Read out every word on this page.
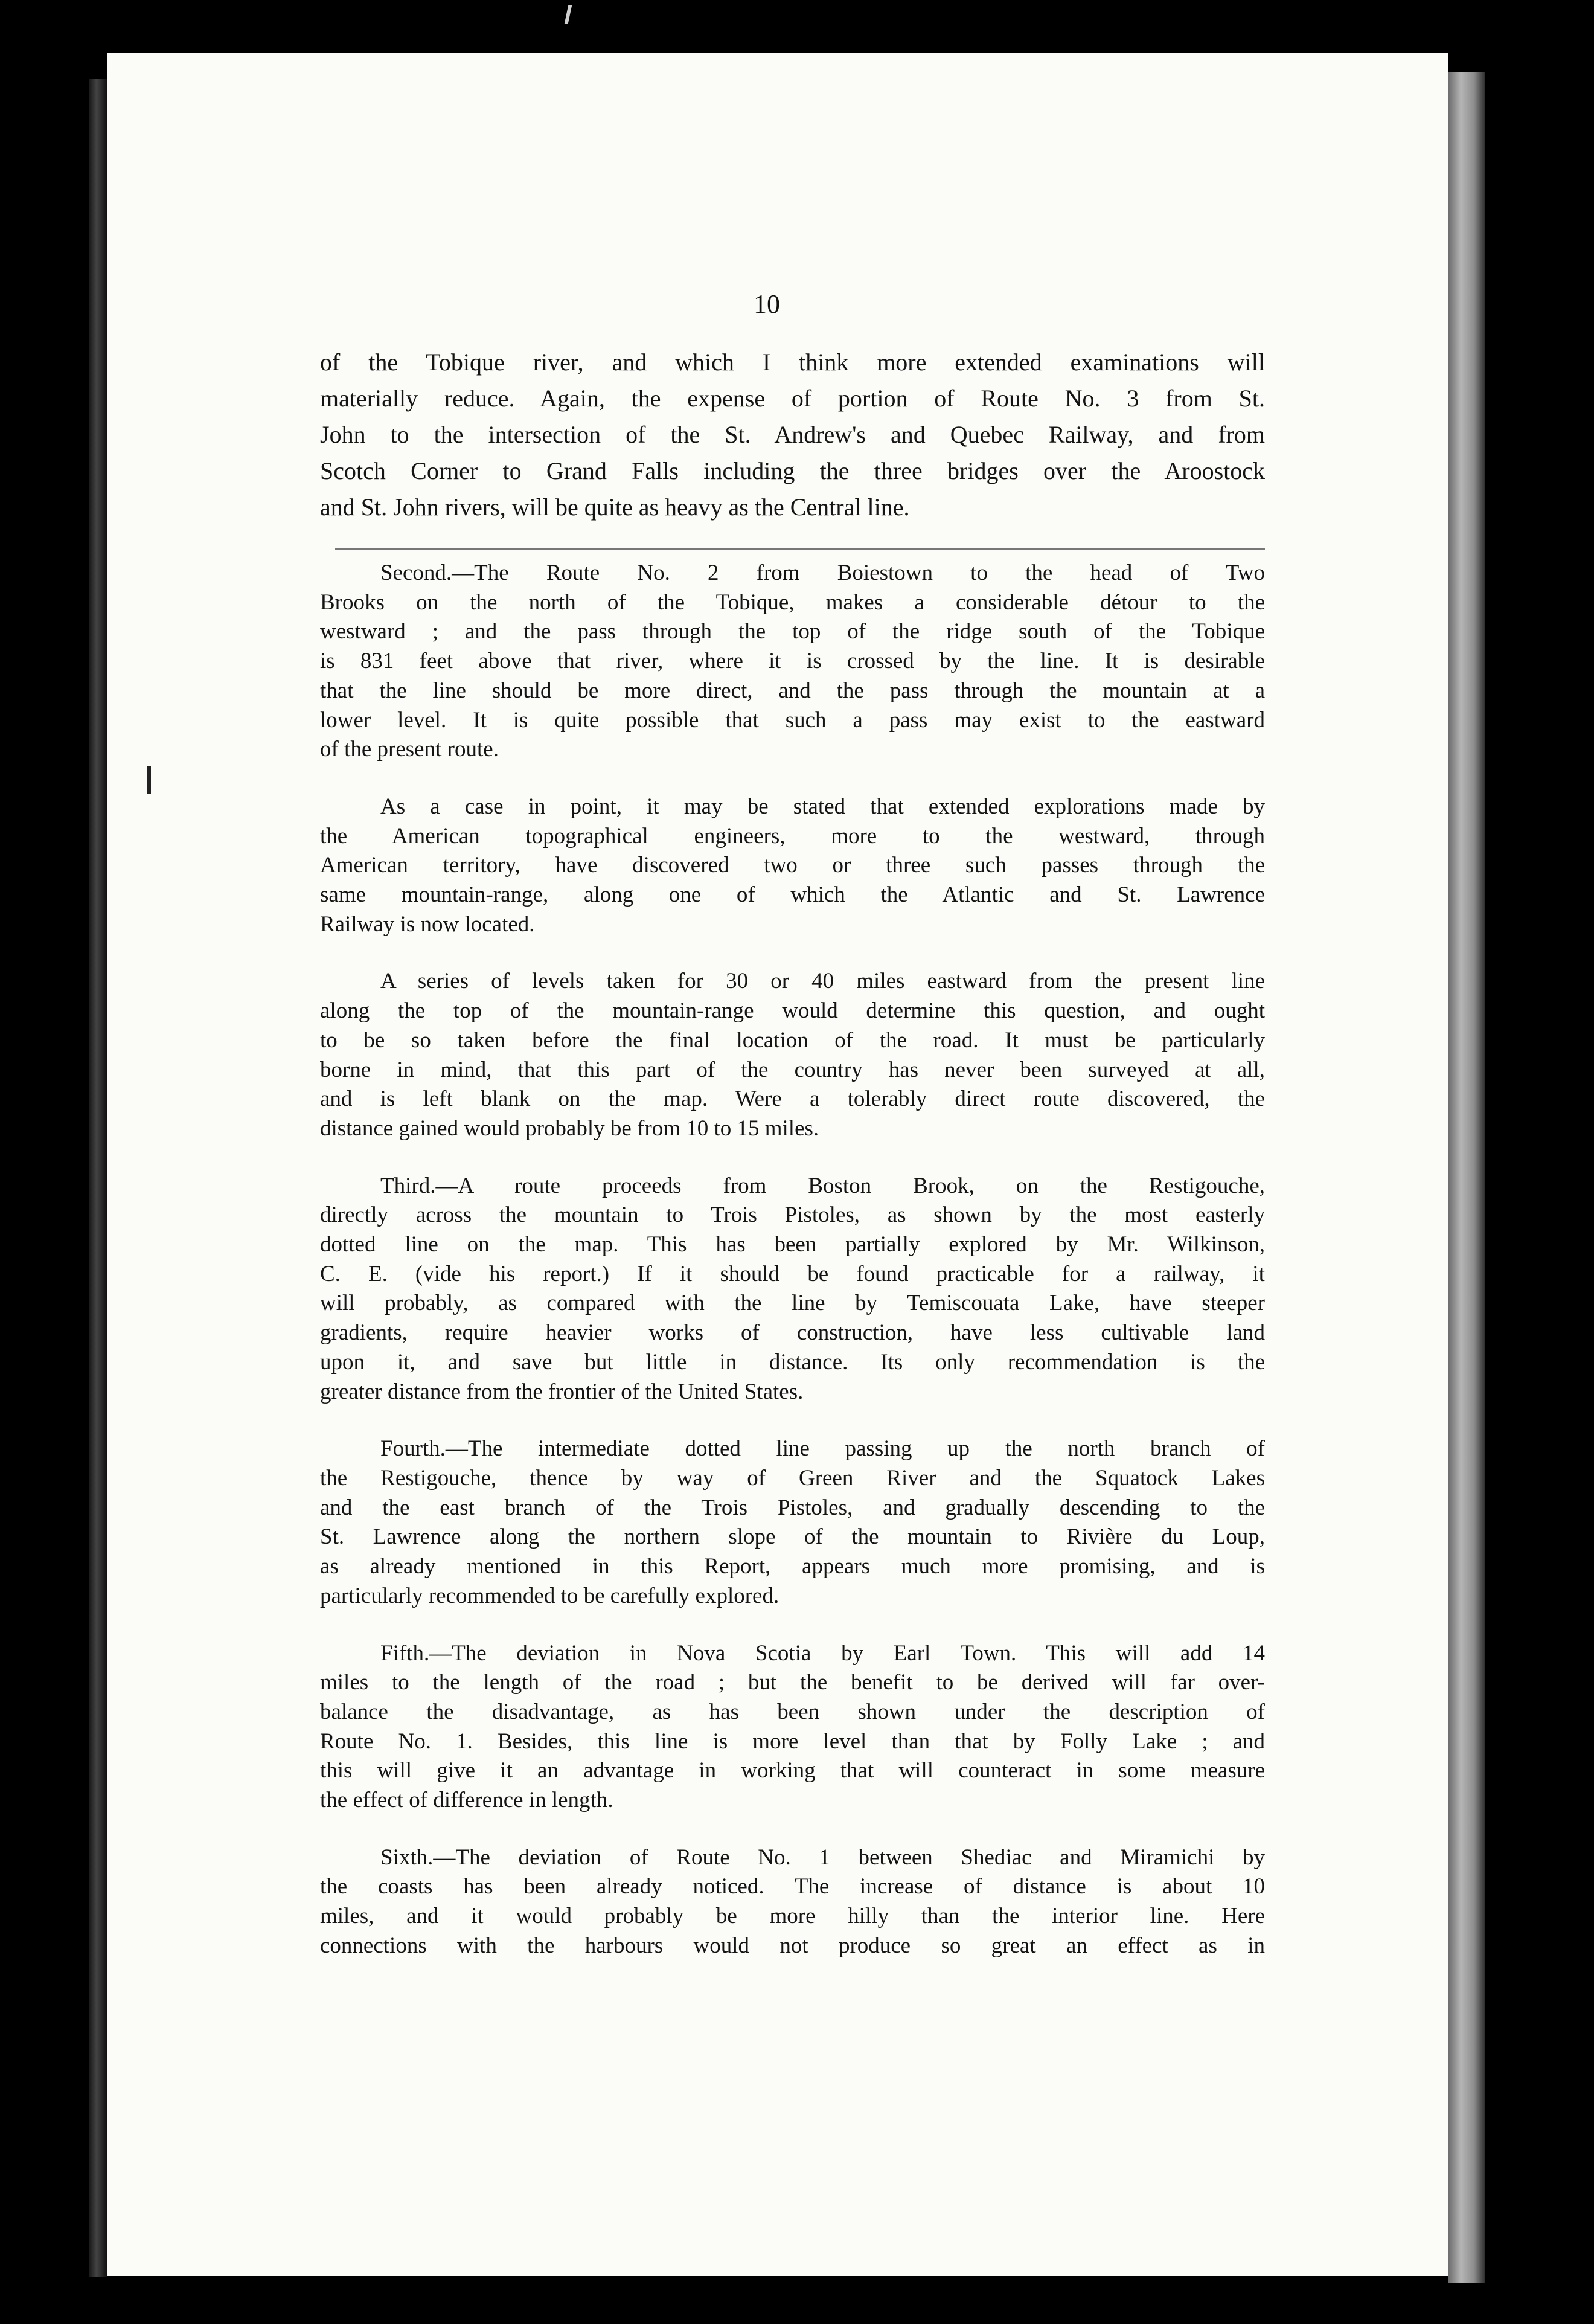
10
of the Tobique river, and which I think more extended examinations will
materially reduce. Again, the expense of portion of Route No. 3 from St.
John to the intersection of the St. Andrew's and Quebec Railway, and from
Scotch Corner to Grand Falls including the three bridges over the Aroostock
and St. John rivers, will be quite as heavy as the Central line.
Second.—The Route No. 2 from Boiestown to the head of Two
Brooks on the north of the Tobique, makes a considerable détour to the
westward ; and the pass through the top of the ridge south of the Tobique
is 831 feet above that river, where it is crossed by the line. It is desirable
that the line should be more direct, and the pass through the mountain at a
lower level. It is quite possible that such a pass may exist to the eastward
of the present route.
As a case in point, it may be stated that extended explorations made by
the American topographical engineers, more to the westward, through
American territory, have discovered two or three such passes through the
same mountain-range, along one of which the Atlantic and St. Lawrence
Railway is now located.
A series of levels taken for 30 or 40 miles eastward from the present line
along the top of the mountain-range would determine this question, and ought
to be so taken before the final location of the road. It must be particularly
borne in mind, that this part of the country has never been surveyed at all,
and is left blank on the map. Were a tolerably direct route discovered, the
distance gained would probably be from 10 to 15 miles.
Third.—A route proceeds from Boston Brook, on the Restigouche,
directly across the mountain to Trois Pistoles, as shown by the most easterly
dotted line on the map. This has been partially explored by Mr. Wilkinson,
C. E. (vide his report.) If it should be found practicable for a railway, it
will probably, as compared with the line by Temiscouata Lake, have steeper
gradients, require heavier works of construction, have less cultivable land
upon it, and save but little in distance. Its only recommendation is the
greater distance from the frontier of the United States.
Fourth.—The intermediate dotted line passing up the north branch of
the Restigouche, thence by way of Green River and the Squatock Lakes
and the east branch of the Trois Pistoles, and gradually descending to the
St. Lawrence along the northern slope of the mountain to Rivière du Loup,
as already mentioned in this Report, appears much more promising, and is
particularly recommended to be carefully explored.
Fifth.—The deviation in Nova Scotia by Earl Town. This will add 14
miles to the length of the road ; but the benefit to be derived will far over-
balance the disadvantage, as has been shown under the description of
Route No. 1. Besides, this line is more level than that by Folly Lake ; and
this will give it an advantage in working that will counteract in some measure
the effect of difference in length.
Sixth.—The deviation of Route No. 1 between Shediac and Miramichi by
the coasts has been already noticed. The increase of distance is about 10
miles, and it would probably be more hilly than the interior line. Here
connections with the harbours would not produce so great an effect as in
